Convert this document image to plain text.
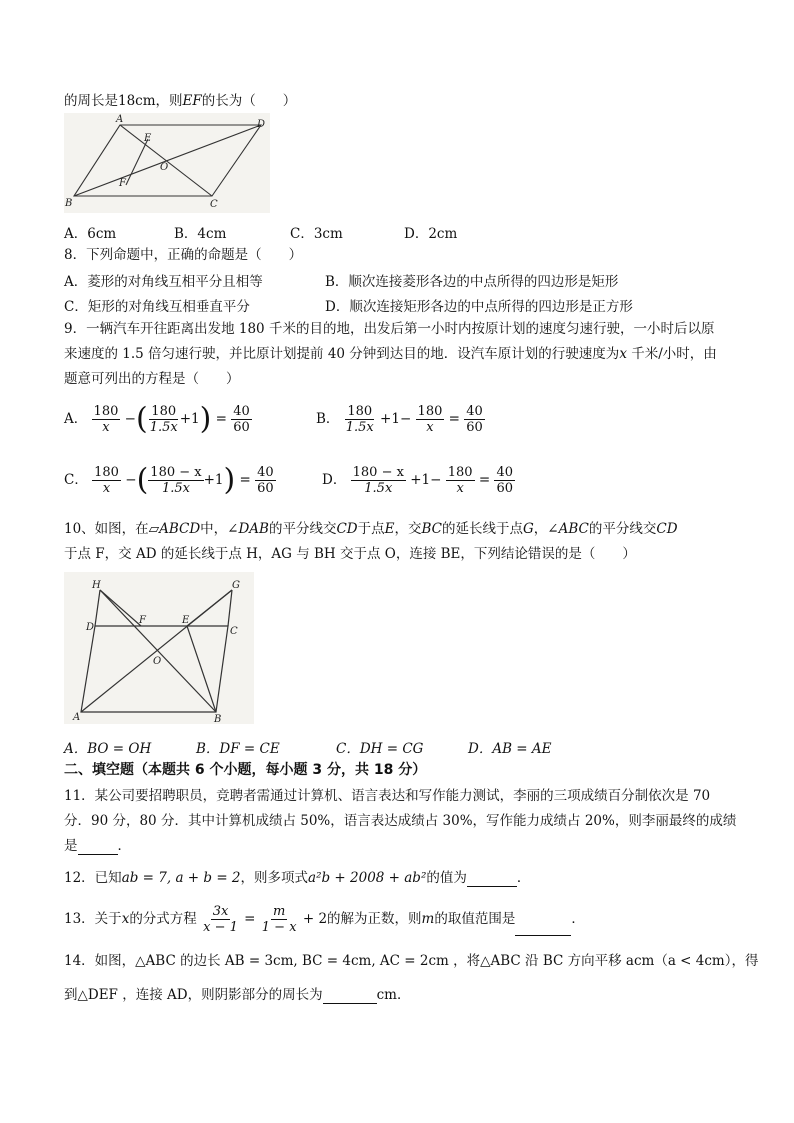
的周长是18cm，则EF的长为（　　）
A	D
E
O
F
B	C
A．6cm	B．4cm	C．3cm	D．2cm
8．下列命题中，正确的命题是（　　）
A．菱形的对角线互相平分且相等	B．顺次连接菱形各边的中点所得的四边形是矩形
C．矩形的对角线互相垂直平分	D．顺次连接矩形各边的中点所得的四边形是正方形
9．一辆汽车开往距离出发地 180 千米的目的地，出发后第一小时内按原计划的速度匀速行驶，一小时后以原
来速度的 1.5 倍匀速行驶，并比原计划提前 40 分钟到达目的地．设汽车原计划的行驶速度为x 千米/小时，由
题意可列出的方程是（　　）
A． $\frac{180}{x}$ −( $\frac{180}{1.5x} +1) = \frac{40}{60}$	B． $\frac{180}{1.5x} +1- \frac{180}{x} = \frac{40}{60}$
C． $\frac{180}{x}$ −( $\frac{180 - x}{1.5x} +1) = \frac{40}{60}$	D． $\frac{180 - x}{1.5x} +1- \frac{180}{x} = \frac{40}{60}$
10、如图，在▱ABCD中，∠DAB的平分线交CD于点E，交BC的延长线于点G，∠ABC的平分线交CD
于点 F，交 AD 的延长线于点 H，AG 与 BH 交于点 O，连接 BE，下列结论错误的是（　　）
H	G
D
F	E
C
O
A	B
A．BO = OH	B．DF = CE	C．DH = CG	D．AB = AE
二、填空题（本题共 6 个小题，每小题 3 分，共 18 分）
11．某公司要招聘职员，竞聘者需通过计算机、语言表达和写作能力测试，李丽的三项成绩百分制依次是 70
分．90 分，80 分．其中计算机成绩占 50%，语言表达成绩占 30%，写作能力成绩占 20%，则李丽最终的成绩
是	．
12．已知ab = 7, a + b = 2，则多项式a²b + 2008 + ab²的值为	．
13．关于x的分式方程 $\frac{3x}{x - 1} = \frac{m}{1 - x} + 2$的解为正数，则m的取值范围是	．
14．如图，△ABC 的边长 AB = 3cm, BC = 4cm, AC = 2cm ，将△ABC 沿 BC 方向平移 acm（a < 4cm），得
到△DEF ，连接 AD，则阴影部分的周长为	cm．
